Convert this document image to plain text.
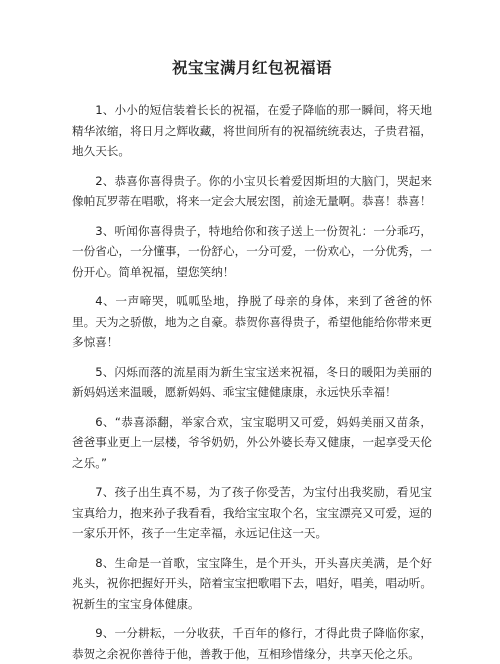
祝宝宝满月红包祝福语

1、小小的短信装着长长的祝福，在爱子降临的那一瞬间，将天地精华浓缩，将日月之辉收藏，将世间所有的祝福统统表达，子贵君福，地久天长。

2、恭喜你喜得贵子。你的小宝贝长着爱因斯坦的大脑门，哭起来像帕瓦罗蒂在唱歌，将来一定会大展宏图，前途无量啊。恭喜！恭喜！

3、听闻你喜得贵子，特地给你和孩子送上一份贺礼：一分乖巧，一份省心，一分懂事，一份舒心，一分可爱，一份欢心，一分优秀，一份开心。简单祝福，望您笑纳！

4、一声啼哭，呱呱坠地，挣脱了母亲的身体，来到了爸爸的怀里。天为之骄傲，地为之自豪。恭贺你喜得贵子，希望他能给你带来更多惊喜！

5、闪烁而落的流星雨为新生宝宝送来祝福，冬日的暖阳为美丽的新妈妈送来温暖，愿新妈妈、乖宝宝健健康康，永远快乐幸福！

6、“恭喜添翻，举家合欢，宝宝聪明又可爱，妈妈美丽又苗条，爸爸事业更上一层楼，爷爷奶奶，外公外婆长寿又健康，一起享受天伦之乐。”

7、孩子出生真不易，为了孩子你受苦，为宝付出我奖励，看见宝宝真给力，抱来孙子我看看，我给宝宝取个名，宝宝漂亮又可爱，逗的一家乐开怀，孩子一生定幸福，永远记住这一天。

8、生命是一首歌，宝宝降生，是个开头，开头喜庆美满，是个好兆头，祝你把握好开头，陪着宝宝把歌唱下去，唱好，唱美，唱动听。祝新生的宝宝身体健康。

9、一分耕耘，一分收获，千百年的修行，才得此贵子降临你家，恭贺之余祝你善待于他，善教于他，互相珍惜缘分，共享天伦之乐。
